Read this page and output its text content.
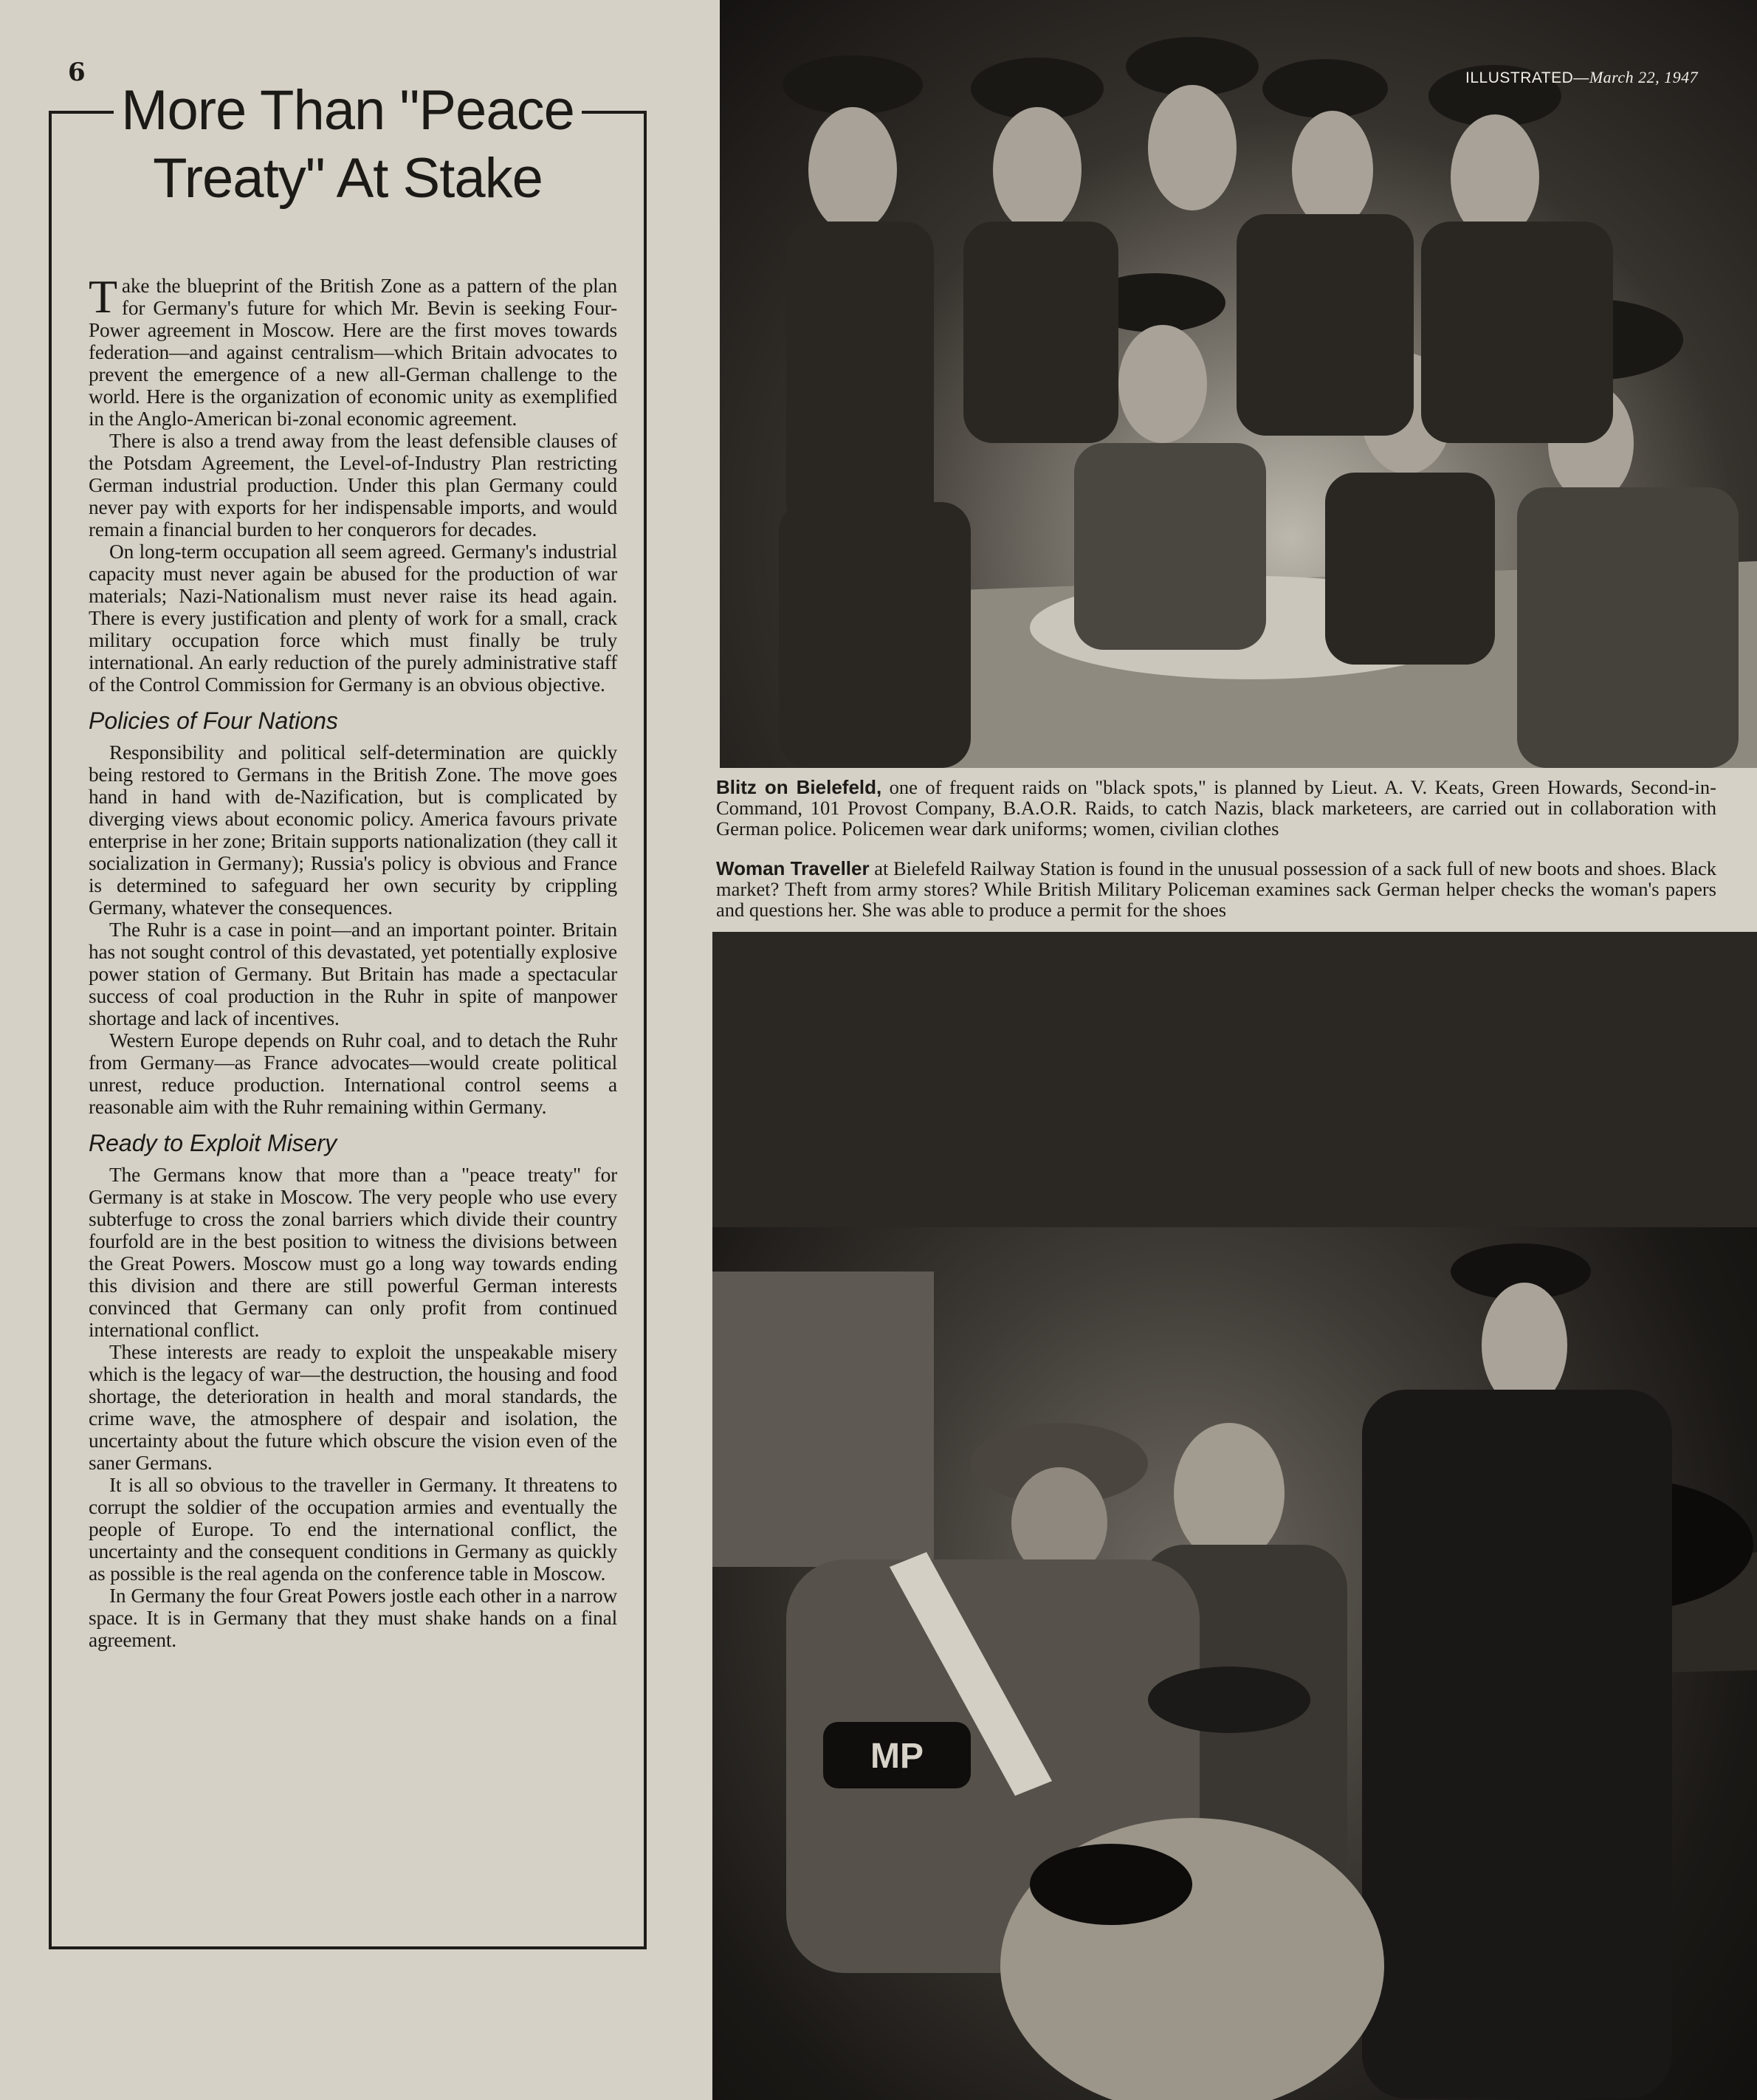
6	ILLUSTRATED—March 22, 1947
More Than "Peace
Treaty" At Stake

Take the blueprint of the British Zone as a pattern of the plan for Germany's future for which Mr. Bevin is seeking Four-Power agreement in Moscow. Here are the first moves towards federation—and against centralism—which Britain advocates to prevent the emergence of a new all-German challenge to the world. Here is the organization of economic unity as exemplified in the Anglo-American bi-zonal economic agreement.

There is also a trend away from the least defensible clauses of the Potsdam Agreement, the Level-of-Industry Plan restricting German industrial production. Under this plan Germany could never pay with exports for her indispensable imports, and would remain a financial burden to her conquerors for decades.

On long-term occupation all seem agreed. Germany's industrial capacity must never again be abused for the production of war materials; Nazi-Nationalism must never raise its head again. There is every justification and plenty of work for a small, crack military occupation force which must finally be truly international. An early reduction of the purely administrative staff of the Control Commission for Germany is an obvious objective.

Policies of Four Nations

Responsibility and political self-determination are quickly being restored to Germans in the British Zone. The move goes hand in hand with de-Nazification, but is complicated by diverging views about economic policy. America favours private enterprise in her zone; Britain supports nationalization (they call it socialization in Germany); Russia's policy is obvious and France is determined to safeguard her own security by crippling Germany, whatever the consequences.

The Ruhr is a case in point—and an important pointer. Britain has not sought control of this devastated, yet potentially explosive power station of Germany. But Britain has made a spectacular success of coal production in the Ruhr in spite of manpower shortage and lack of incentives.

Western Europe depends on Ruhr coal, and to detach the Ruhr from Germany—as France advocates—would create political unrest, reduce production. International control seems a reasonable aim with the Ruhr remaining within Germany.

Ready to Exploit Misery

The Germans know that more than a "peace treaty" for Germany is at stake in Moscow. The very people who use every subterfuge to cross the zonal barriers which divide their country fourfold are in the best position to witness the divisions between the Great Powers. Moscow must go a long way towards ending this division and there are still powerful German interests convinced that Germany can only profit from continued international conflict.

These interests are ready to exploit the unspeakable misery which is the legacy of war—the destruction, the housing and food shortage, the deterioration in health and moral standards, the crime wave, the atmosphere of despair and isolation, the uncertainty about the future which obscure the vision even of the saner Germans.

It is all so obvious to the traveller in Germany. It threatens to corrupt the soldier of the occupation armies and eventually the people of Europe. To end the international conflict, the uncertainty and the consequent conditions in Germany as quickly as possible is the real agenda on the conference table in Moscow.

In Germany the four Great Powers jostle each other in a narrow space. It is in Germany that they must shake hands on a final agreement.

Blitz on Bielefeld, one of frequent raids on "black spots," is planned by Lieut. A. V. Keats, Green Howards, Second-in-Command, 101 Provost Company, B.A.O.R. Raids, to catch Nazis, black marketeers, are carried out in collaboration with German police. Policemen wear dark uniforms; women, civilian clothes
Woman Traveller at Bielefeld Railway Station is found in the unusual possession of a sack full of new boots and shoes. Black market? Theft from army stores? While British Military Policeman examines sack German helper checks the woman's papers and questions her. She was able to produce a permit for the shoes
MP
